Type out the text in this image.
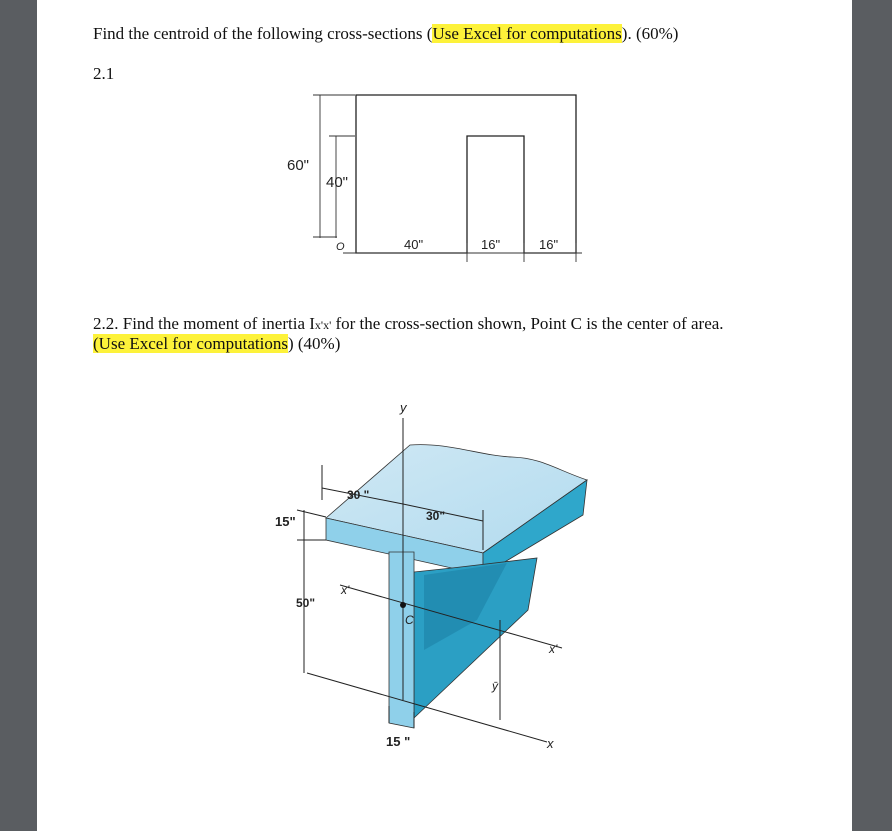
Find the centroid of the following cross-sections (Use Excel for computations). (60%)
2.1
60"
40"
O	40"	16"	16"
2.2. Find the moment of inertia Ix'x' for the cross-section shown, Point C is the center of area.
(Use Excel for computations) (40%)
y
30 "
30"
15"
50"
x'
C
ȳ
x'
x
15 "
